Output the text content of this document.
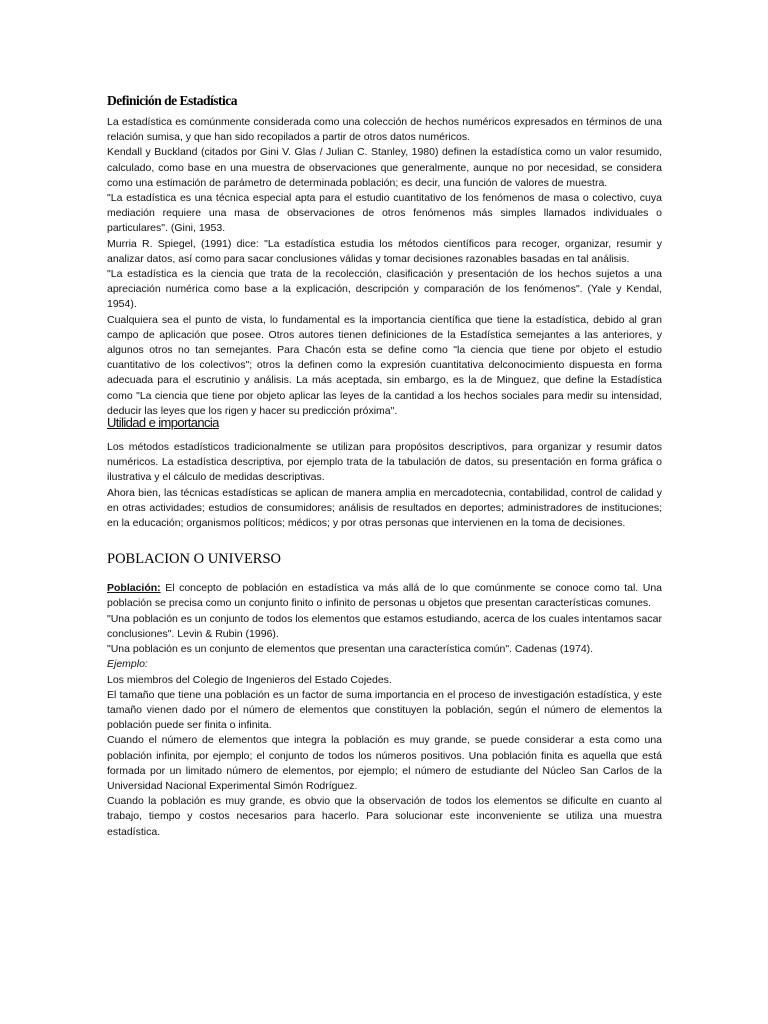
Definición de Estadística

La estadística es comúnmente considerada como una colección de hechos numéricos expresados en términos de una relación sumisa, y que han sido recopilados a partir de otros datos numéricos.

Kendall y Buckland (citados por Gini V. Glas / Julian C. Stanley, 1980) definen la estadística como un valor resumido, calculado, como base en una muestra de observaciones que generalmente, aunque no por necesidad, se considera como una estimación de parámetro de determinada población; es decir, una función de valores de muestra.

"La estadística es una técnica especial apta para el estudio cuantitativo de los fenómenos de masa o colectivo, cuya mediación requiere una masa de observaciones de otros fenómenos más simples llamados individuales o particulares". (Gini, 1953.

Murria R. Spiegel, (1991) dice: "La estadística estudia los métodos científicos para recoger, organizar, resumir y analizar datos, así como para sacar conclusiones válidas y tomar decisiones razonables basadas en tal análisis.

"La estadística es la ciencia que trata de la recolección, clasificación y presentación de los hechos sujetos a una apreciación numérica como base a la explicación, descripción y comparación de los fenómenos". (Yale y Kendal, 1954).

Cualquiera sea el punto de vista, lo fundamental es la importancia científica que tiene la estadística, debido al gran campo de aplicación que posee. Otros autores tienen definiciones de la Estadística semejantes a las anteriores, y algunos otros no tan semejantes. Para Chacón esta se define como "la ciencia que tiene por objeto el estudio cuantitativo de los colectivos"; otros la definen como la expresión cuantitativa delconocimiento dispuesta en forma adecuada para el escrutinio y análisis. La más aceptada, sin embargo, es la de Minguez, que define la Estadística como "La ciencia que tiene por objeto aplicar las leyes de la cantidad a los hechos sociales para medir su intensidad, deducir las leyes que los rigen y hacer su predicción próxima".

Utilidad e importancia

Los métodos estadísticos tradicionalmente se utilizan para propósitos descriptivos, para organizar y resumir datos numéricos. La estadística descriptiva, por ejemplo trata de la tabulación de datos, su presentación en forma gráfica o ilustrativa y el cálculo de medidas descriptivas.

Ahora bien, las técnicas estadísticas se aplican de manera amplia en mercadotecnia, contabilidad, control de calidad y en otras actividades; estudios de consumidores; análisis de resultados en deportes; administradores de instituciones; en la educación; organismos políticos; médicos; y por otras personas que intervienen en la toma de decisiones.

POBLACION O UNIVERSO

Población: El concepto de población en estadística va más allá de lo que comúnmente se conoce como tal. Una población se precisa como un conjunto finito o infinito de personas u objetos que presentan características comunes.

"Una población es un conjunto de todos los elementos que estamos estudiando, acerca de los cuales intentamos sacar conclusiones". Levin & Rubin (1996).

"Una población es un conjunto de elementos que presentan una característica común". Cadenas (1974).

Ejemplo:

Los miembros del Colegio de Ingenieros del Estado Cojedes.

El tamaño que tiene una población es un factor de suma importancia en el proceso de investigación estadística, y este tamaño vienen dado por el número de elementos que constituyen la población, según el número de elementos la población puede ser finita o infinita.

Cuando el número de elementos que integra la población es muy grande, se puede considerar a esta como una población infinita, por ejemplo; el conjunto de todos los números positivos. Una población finita es aquella que está formada por un limitado número de elementos, por ejemplo; el número de estudiante del Núcleo San Carlos de la Universidad Nacional Experimental Simón Rodríguez.

Cuando la población es muy grande, es obvio que la observación de todos los elementos se dificulte en cuanto al trabajo, tiempo y costos necesarios para hacerlo. Para solucionar este inconveniente se utiliza una muestra estadística.
